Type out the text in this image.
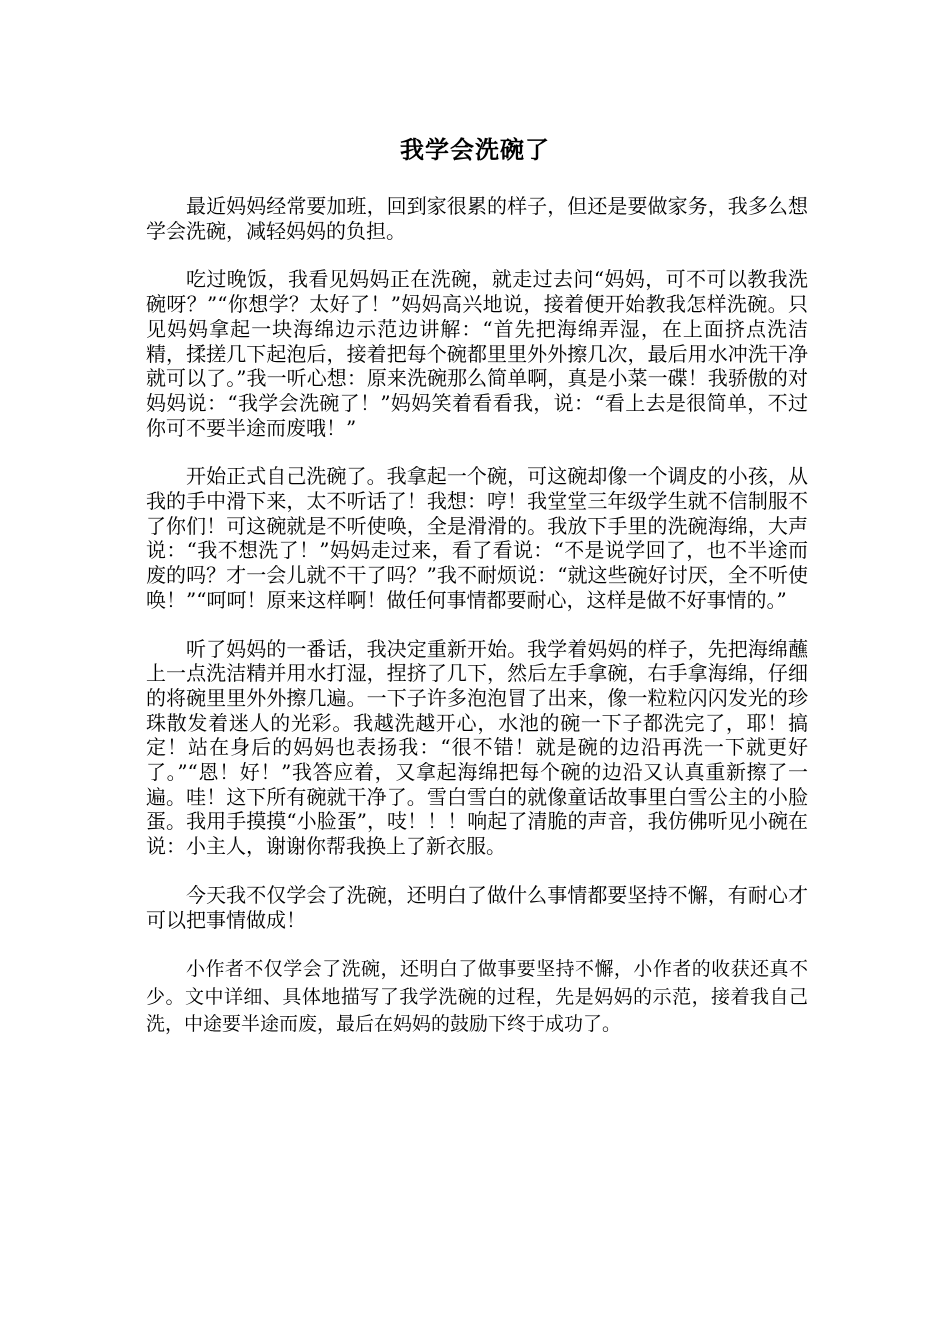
我学会洗碗了

最近妈妈经常要加班，回到家很累的样子，但还是要做家务，我多么想学会洗碗，减轻妈妈的负担。

吃过晚饭，我看见妈妈正在洗碗，就走过去问“妈妈，可不可以教我洗碗呀？”“你想学？太好了！”妈妈高兴地说，接着便开始教我怎样洗碗。只见妈妈拿起一块海绵边示范边讲解：“首先把海绵弄湿，在上面挤点洗洁精，揉搓几下起泡后，接着把每个碗都里里外外擦几次，最后用水冲洗干净就可以了。”我一听心想：原来洗碗那么简单啊，真是小菜一碟！我骄傲的对妈妈说：“我学会洗碗了！”妈妈笑着看看我，说：“看上去是很简单，不过你可不要半途而废哦！”

开始正式自己洗碗了。我拿起一个碗，可这碗却像一个调皮的小孩，从我的手中滑下来，太不听话了！我想：哼！我堂堂三年级学生就不信制服不了你们！可这碗就是不听使唤，全是滑滑的。我放下手里的洗碗海绵，大声说：“我不想洗了！”妈妈走过来，看了看说：“不是说学回了，也不半途而废的吗？才一会儿就不干了吗？”我不耐烦说：“就这些碗好讨厌，全不听使唤！”“呵呵！原来这样啊！做任何事情都要耐心，这样是做不好事情的。”

听了妈妈的一番话，我决定重新开始。我学着妈妈的样子，先把海绵蘸上一点洗洁精并用水打湿，捏挤了几下，然后左手拿碗，右手拿海绵，仔细的将碗里里外外擦几遍。一下子许多泡泡冒了出来，像一粒粒闪闪发光的珍珠散发着迷人的光彩。我越洗越开心，水池的碗一下子都洗完了，耶！搞定！站在身后的妈妈也表扬我：“很不错！就是碗的边沿再洗一下就更好了。”“恩！好！”我答应着，又拿起海绵把每个碗的边沿又认真重新擦了一遍。哇！这下所有碗就干净了。雪白雪白的就像童话故事里白雪公主的小脸蛋。我用手摸摸“小脸蛋”，吱！！！响起了清脆的声音，我仿佛听见小碗在说：小主人，谢谢你帮我换上了新衣服。

今天我不仅学会了洗碗，还明白了做什么事情都要坚持不懈，有耐心才可以把事情做成！

小作者不仅学会了洗碗，还明白了做事要坚持不懈，小作者的收获还真不少。文中详细、具体地描写了我学洗碗的过程，先是妈妈的示范，接着我自己洗，中途要半途而废，最后在妈妈的鼓励下终于成功了。
